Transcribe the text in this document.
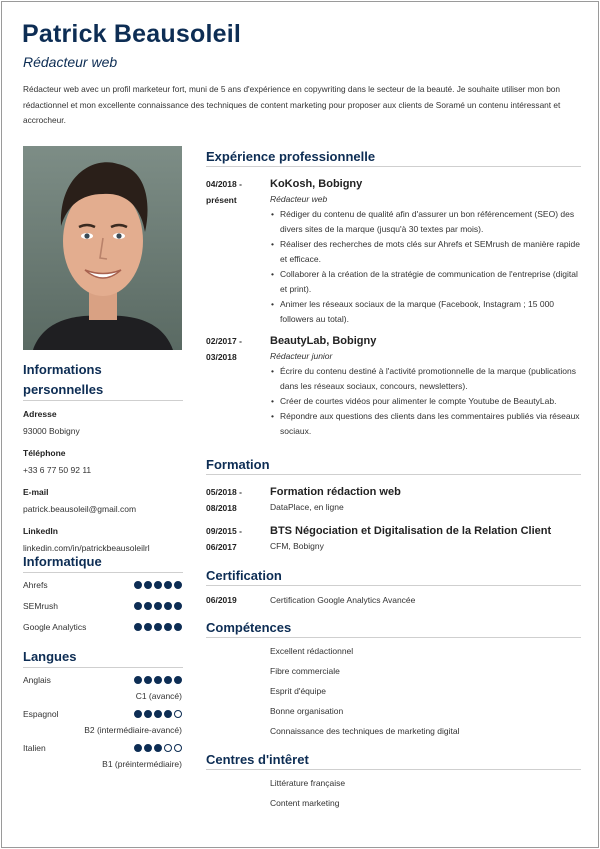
Patrick Beausoleil
Rédacteur web
Rédacteur web avec un profil marketeur fort, muni de 5 ans d'expérience en copywriting dans le secteur de la beauté. Je souhaite utiliser mon bon rédactionnel et mon excellente connaissance des techniques de content marketing pour proposer aux clients de Soramé un contenu intéressant et accrocheur.
Informations personnelles
Adresse
93000 Bobigny
Téléphone
+33 6 77 50 92 11
E-mail
patrick.beausoleil@gmail.com
LinkedIn
linkedin.com/in/patrickbeausoleilrl
Informatique
Ahrefs
SEMrush
Google Analytics
Langues
Anglais
C1 (avancé)
Espagnol
B2 (intermédiaire-avancé)
Italien
B1 (préintermédiaire)
Expérience professionnelle
04/2018 - présent
KoKosh, Bobigny
Rédacteur web
• Rédiger du contenu de qualité afin d'assurer un bon référencement (SEO) des divers sites de la marque (jusqu'à 30 textes par mois).
• Réaliser des recherches de mots clés sur Ahrefs et SEMrush de manière rapide et efficace.
• Collaborer à la création de la stratégie de communication de l'entreprise (digital et print).
• Animer les réseaux sociaux de la marque (Facebook, Instagram ; 15 000 followers au total).
02/2017 - 03/2018
BeautyLab, Bobigny
Rédacteur junior
• Écrire du contenu destiné à l'activité promotionnelle de la marque (publications dans les réseaux sociaux, concours, newsletters).
• Créer de courtes vidéos pour alimenter le compte Youtube de BeautyLab.
• Répondre aux questions des clients dans les commentaires publiés via réseaux sociaux.
Formation
05/2018 - 08/2018
Formation rédaction web
DataPlace, en ligne
09/2015 - 06/2017
BTS Négociation et Digitalisation de la Relation Client
CFM, Bobigny
Certification
06/2019	Certification Google Analytics Avancée
Compétences
Excellent rédactionnel
Fibre commerciale
Esprit d'équipe
Bonne organisation
Connaissance des techniques de marketing digital
Centres d'intêret
Littérature française
Content marketing
